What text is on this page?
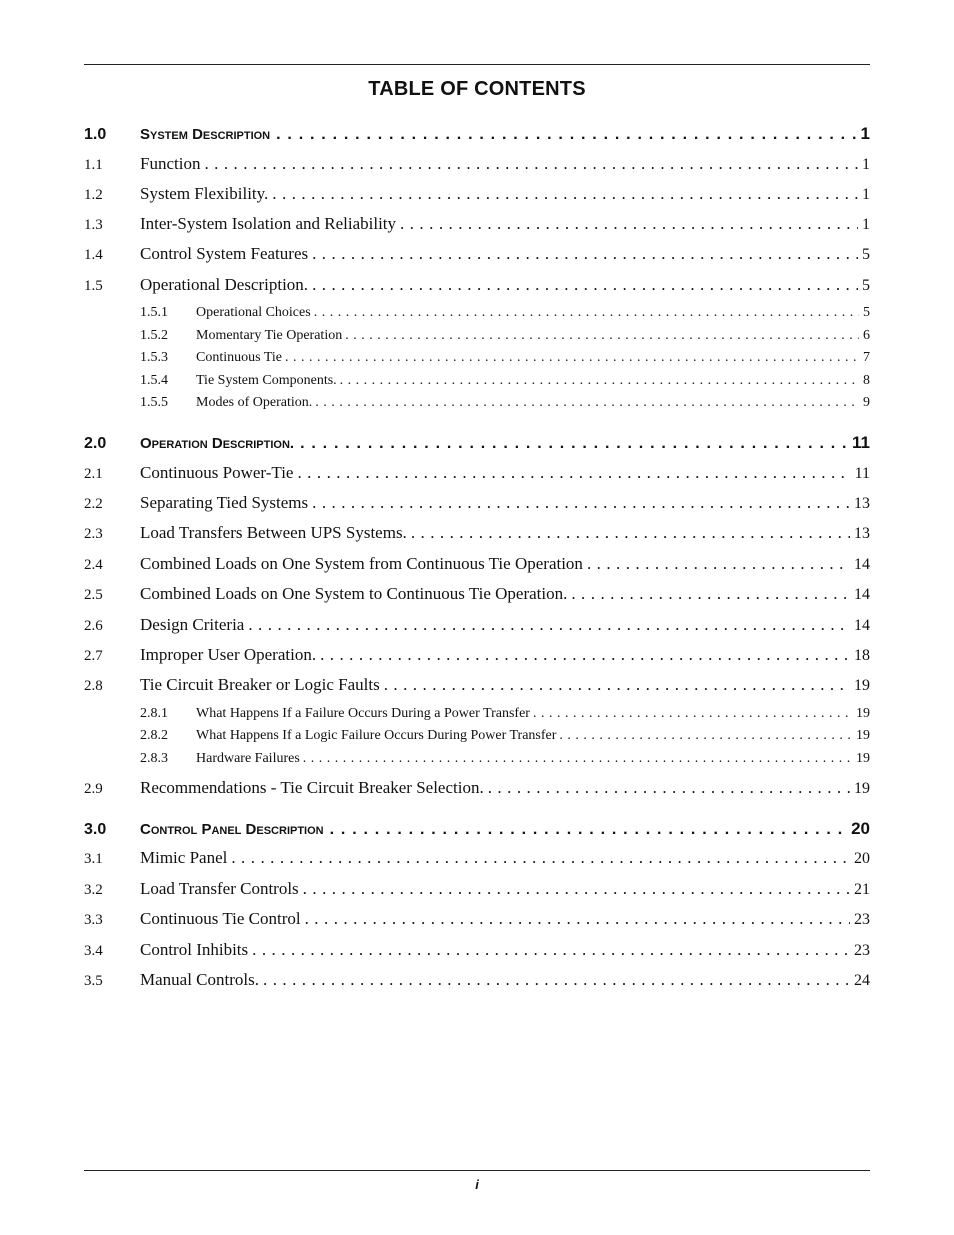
TABLE OF CONTENTS
1.0	System Description . . .	1
1.1	Function . . .	1
1.2	System Flexibility. . . .	1
1.3	Inter-System Isolation and Reliability . . .	1
1.4	Control System Features . . .	5
1.5	Operational Description. . . .	5
1.5.1	Operational Choices . . .	5
1.5.2	Momentary Tie Operation . . .	6
1.5.3	Continuous Tie . . .	7
1.5.4	Tie System Components. . . .	8
1.5.5	Modes of Operation. . . .	9
2.0	Operation Description. . . .	11
2.1	Continuous Power-Tie . . .	11
2.2	Separating Tied Systems . . .	13
2.3	Load Transfers Between UPS Systems. . . .	13
2.4	Combined Loads on One System from Continuous Tie Operation . . .	14
2.5	Combined Loads on One System to Continuous Tie Operation. . . .	14
2.6	Design Criteria . . .	14
2.7	Improper User Operation. . . .	18
2.8	Tie Circuit Breaker or Logic Faults . . .	19
2.8.1	What Happens If a Failure Occurs During a Power Transfer . . .	19
2.8.2	What Happens If a Logic Failure Occurs During Power Transfer . . .	19
2.8.3	Hardware Failures . . .	19
2.9	Recommendations - Tie Circuit Breaker Selection. . . .	19
3.0	Control Panel Description . . .	20
3.1	Mimic Panel . . .	20
3.2	Load Transfer Controls . . .	21
3.3	Continuous Tie Control . . .	23
3.4	Control Inhibits . . .	23
3.5	Manual Controls. . . .	24
i
